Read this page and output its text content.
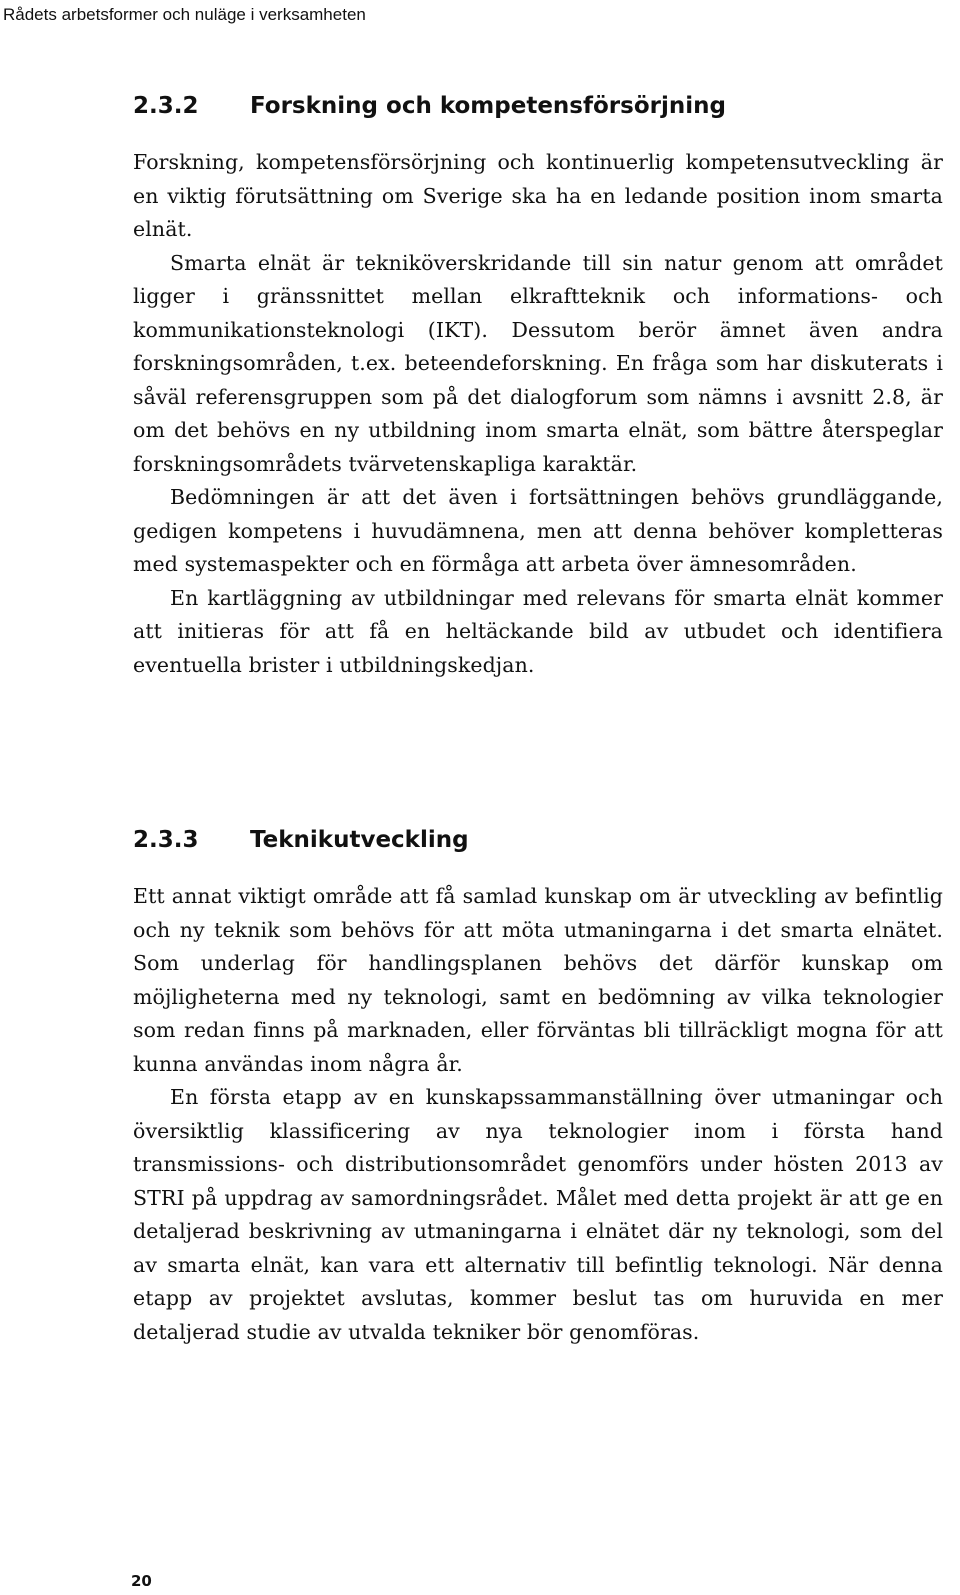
Rådets arbetsformer och nuläge i verksamheten
2.3.2 Forskning och kompetensförsörjning

Forskning, kompetensförsörjning och kontinuerlig kompetensutveckling är en viktig förutsättning om Sverige ska ha en ledande position inom smarta elnät.

Smarta elnät är tekniköverskridande till sin natur genom att området ligger i gränssnittet mellan elkraftteknik och informations- och kommunikationsteknologi (IKT). Dessutom berör ämnet även andra forskningsområden, t.ex. beteendeforskning. En fråga som har diskuterats i såväl referensgruppen som på det dialogforum som nämns i avsnitt 2.8, är om det behövs en ny utbildning inom smarta elnät, som bättre återspeglar forskningsområdets tvärvetenskapliga karaktär.

Bedömningen är att det även i fortsättningen behövs grundläggande, gedigen kompetens i huvudämnena, men att denna behöver kompletteras med systemaspekter och en förmåga att arbeta över ämnesområden.

En kartläggning av utbildningar med relevans för smarta elnät kommer att initieras för att få en heltäckande bild av utbudet och identifiera eventuella brister i utbildningskedjan.

2.3.3 Teknikutveckling

Ett annat viktigt område att få samlad kunskap om är utveckling av befintlig och ny teknik som behövs för att möta utmaningarna i det smarta elnätet. Som underlag för handlingsplanen behövs det därför kunskap om möjligheterna med ny teknologi, samt en bedömning av vilka teknologier som redan finns på marknaden, eller förväntas bli tillräckligt mogna för att kunna användas inom några år.

En första etapp av en kunskapssammanställning över utmaningar och översiktlig klassificering av nya teknologier inom i första hand transmissions- och distributionsområdet genomförs under hösten 2013 av STRI på uppdrag av samordningsrådet. Målet med detta projekt är att ge en detaljerad beskrivning av utmaningarna i elnätet där ny teknologi, som del av smarta elnät, kan vara ett alternativ till befintlig teknologi. När denna etapp av projektet avslutas, kommer beslut tas om huruvida en mer detaljerad studie av utvalda tekniker bör genomföras.

20
